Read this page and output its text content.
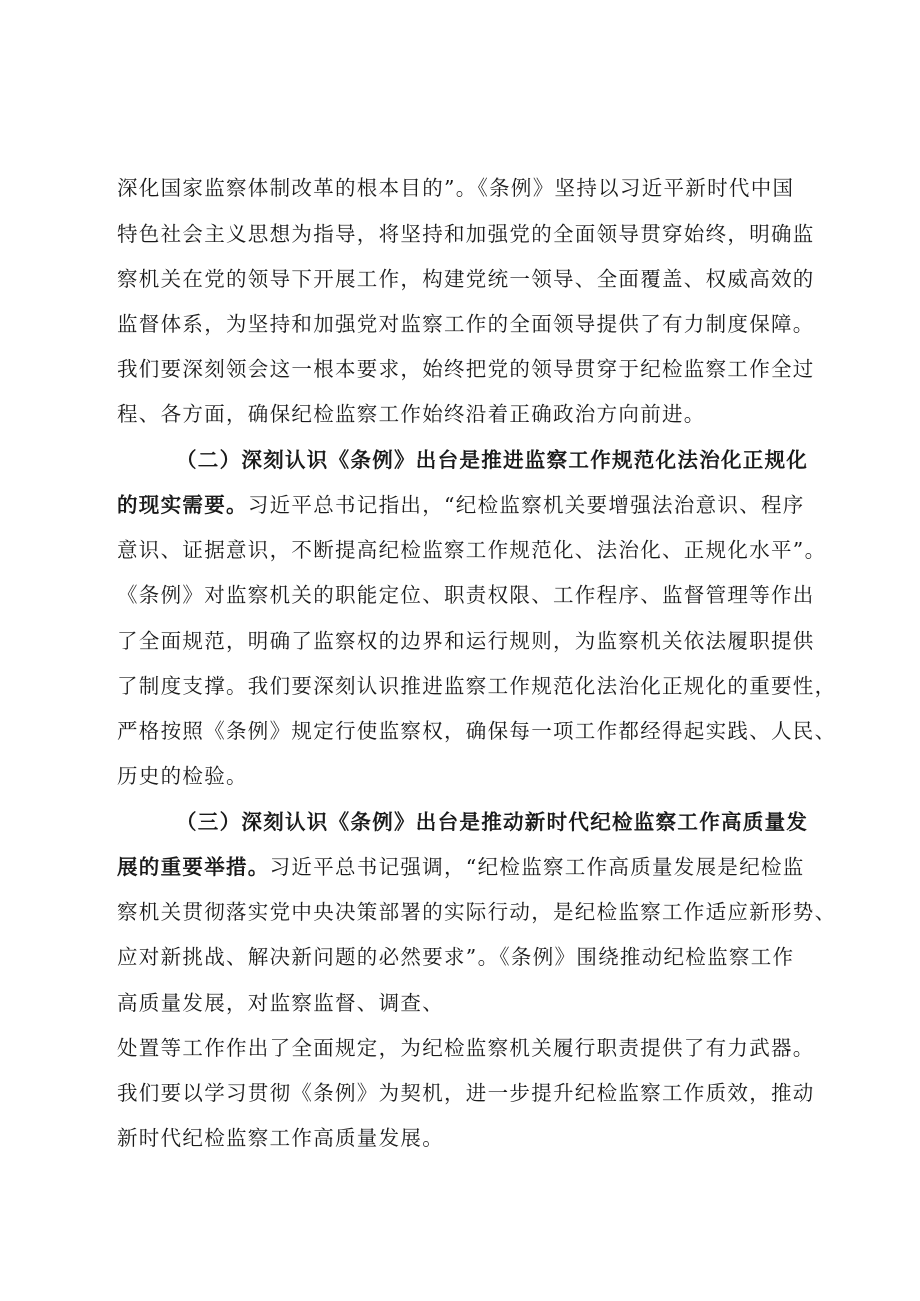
深化国家监察体制改革的根本目的”。《条例》坚持以习近平新时代中国
特色社会主义思想为指导，将坚持和加强党的全面领导贯穿始终，明确监
察机关在党的领导下开展工作，构建党统一领导、全面覆盖、权威高效的
监督体系，为坚持和加强党对监察工作的全面领导提供了有力制度保障。
我们要深刻领会这一根本要求，始终把党的领导贯穿于纪检监察工作全过
程、各方面，确保纪检监察工作始终沿着正确政治方向前进。
（二）深刻认识《条例》出台是推进监察工作规范化法治化正规化
的现实需要。习近平总书记指出，“纪检监察机关要增强法治意识、程序
意识、证据意识，不断提高纪检监察工作规范化、法治化、正规化水平”。
《条例》对监察机关的职能定位、职责权限、工作程序、监督管理等作出
了全面规范，明确了监察权的边界和运行规则，为监察机关依法履职提供
了制度支撑。我们要深刻认识推进监察工作规范化法治化正规化的重要性，
严格按照《条例》规定行使监察权，确保每一项工作都经得起实践、人民、
历史的检验。
（三）深刻认识《条例》出台是推动新时代纪检监察工作高质量发
展的重要举措。习近平总书记强调，“纪检监察工作高质量发展是纪检监
察机关贯彻落实党中央决策部署的实际行动，是纪检监察工作适应新形势、
应对新挑战、解决新问题的必然要求”。《条例》围绕推动纪检监察工作
高质量发展，对监察监督、调查、
处置等工作作出了全面规定，为纪检监察机关履行职责提供了有力武器。
我们要以学习贯彻《条例》为契机，进一步提升纪检监察工作质效，推动
新时代纪检监察工作高质量发展。
